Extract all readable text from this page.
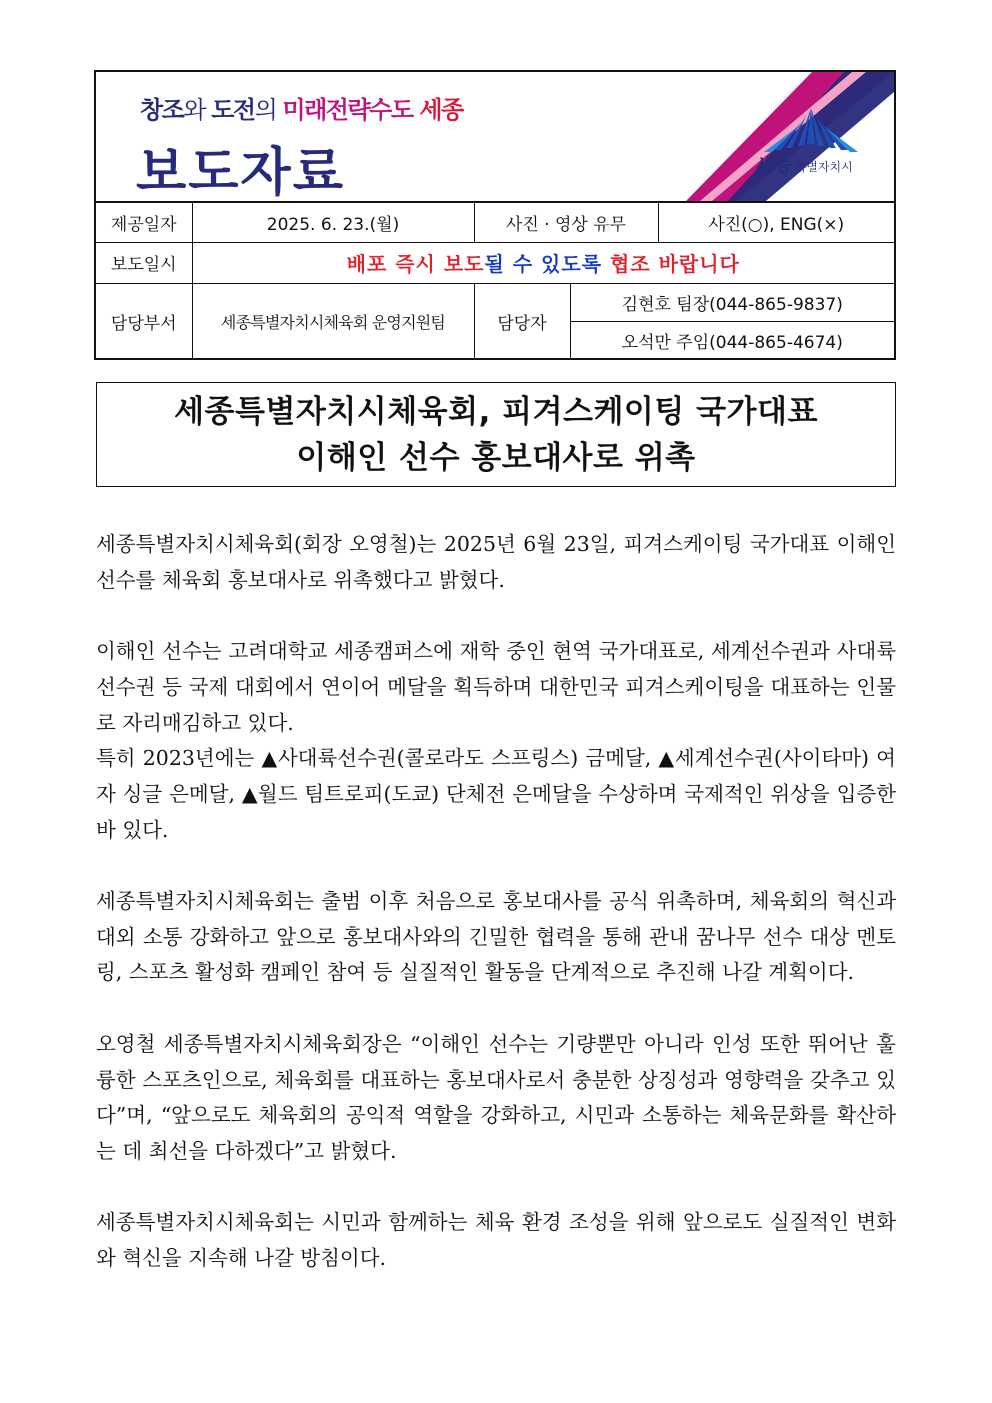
창조와 도전의 미래전략수도 세종
보도자료	세종 특별자치시
제공일자	2025. 6. 23.(월)	사진 · 영상 유무		사진(○), ENG(×)
보도일시	배포 즉시 보도될 수 있도록 협조 바랍니다			
담당부서	세종특별자치시체육회 운영지원팀	담당자	김현호 팀장(044-865-9837)	
			오석만 주임(044-865-4674)	
세종특별자치시체육회, 피겨스케이팅 국가대표
이해인 선수 홍보대사로 위촉

세종특별자치시체육회(회장 오영철)는 2025년 6월 23일, 피겨스케이팅 국가대표 이해인 선수를 체육회 홍보대사로 위촉했다고 밝혔다.

이해인 선수는 고려대학교 세종캠퍼스에 재학 중인 현역 국가대표로, 세계선수권과 사대륙선수권 등 국제 대회에서 연이어 메달을 획득하며 대한민국 피겨스케이팅을 대표하는 인물로 자리매김하고 있다.

특히 2023년에는 ▲사대륙선수권(콜로라도 스프링스) 금메달, ▲세계선수권(사이타마) 여자 싱글 은메달, ▲월드 팀트로피(도쿄) 단체전 은메달을 수상하며 국제적인 위상을 입증한 바 있다.

세종특별자치시체육회는 출범 이후 처음으로 홍보대사를 공식 위촉하며, 체육회의 혁신과 대외 소통 강화하고 앞으로 홍보대사와의 긴밀한 협력을 통해 관내 꿈나무 선수 대상 멘토링, 스포츠 활성화 캠페인 참여 등 실질적인 활동을 단계적으로 추진해 나갈 계획이다.

오영철 세종특별자치시체육회장은 “이해인 선수는 기량뿐만 아니라 인성 또한 뛰어난 훌륭한 스포츠인으로, 체육회를 대표하는 홍보대사로서 충분한 상징성과 영향력을 갖추고 있다”며, “앞으로도 체육회의 공익적 역할을 강화하고, 시민과 소통하는 체육문화를 확산하는 데 최선을 다하겠다”고 밝혔다.

세종특별자치시체육회는 시민과 함께하는 체육 환경 조성을 위해 앞으로도 실질적인 변화와 혁신을 지속해 나갈 방침이다.
